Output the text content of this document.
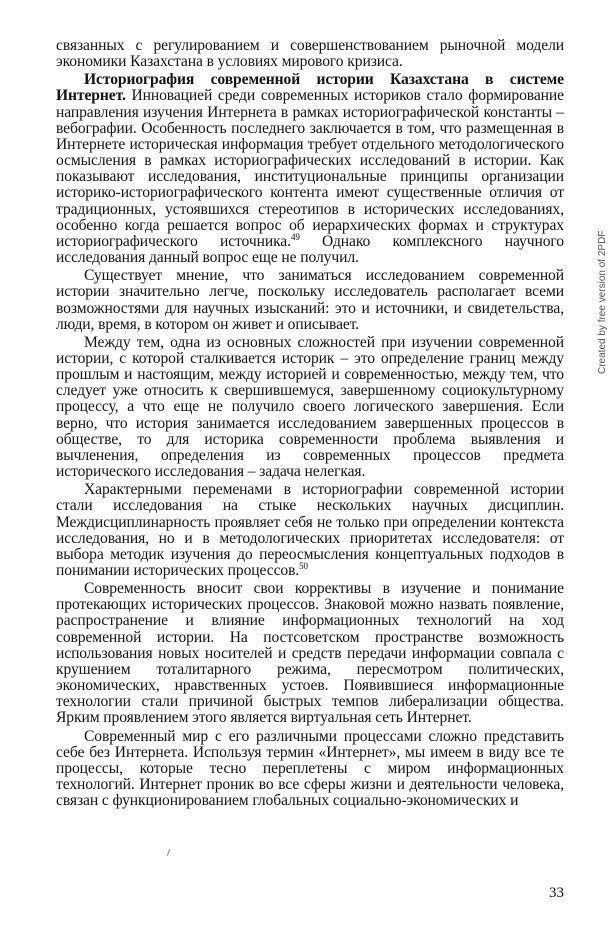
связанных с регулированием и совершенствованием рыночной модели экономики Казахстана в условиях мирового кризиса.

Историография современной истории Казахстана в системе Интернет. Инновацией среди современных историков стало формирование направления изучения Интернета в рамках историографической константы – вебографии. Особенность последнего заключается в том, что размещенная в Интернете историческая информация требует отдельного методологического осмысления в рамках историографических исследований в истории. Как показывают исследования, институциональные принципы организации историко-историографического контента имеют существенные отличия от традиционных, устоявшихся стереотипов в исторических исследованиях, особенно когда решается вопрос об иерархических формах и структурах историографического источника.$^{49}$ Однако комплексного научного исследования данный вопрос еще не получил.

Существует мнение, что заниматься исследованием современной истории значительно легче, поскольку исследователь располагает всеми возможностями для научных изысканий: это и источники, и свидетельства, люди, время, в котором он живет и описывает.

Между тем, одна из основных сложностей при изучении современной истории, с которой сталкивается историк – это определение границ между прошлым и настоящим, между историей и современностью, между тем, что следует уже относить к свершившемуся, завершенному социокультурному процессу, а что еще не получило своего логического завершения. Если верно, что история занимается исследованием завершенных процессов в обществе, то для историка современности проблема выявления и вычленения, определения из современных процессов предмета исторического исследования – задача нелегкая.

Характерными переменами в историографии современной истории стали исследования на стыке нескольких научных дисциплин. Междисциплинарность проявляет себя не только при определении контекста исследования, но и в методологических приоритетах исследователя: от выбора методик изучения до переосмысления концептуальных подходов в понимании исторических процессов.$^{50}$

Современность вносит свои коррективы в изучение и понимание протекающих исторических процессов. Знаковой можно назвать появление, распространение и влияние информационных технологий на ход современной истории. На постсоветском пространстве возможность использования новых носителей и средств передачи информации совпала с крушением тоталитарного режима, пересмотром политических, экономических, нравственных устоев. Появившиеся информационные технологии стали причиной быстрых темпов либерализации общества. Ярким проявлением этого является виртуальная сеть Интернет.

Современный мир с его различными процессами сложно представить себе без Интернета. Используя термин «Интернет», мы имеем в виду все те процессы, которые тесно переплетены с миром информационных технологий. Интернет проник во все сферы жизни и деятельности человека, связан с функционированием глобальных социально-экономических и

Created by free version of 2PDF
33
